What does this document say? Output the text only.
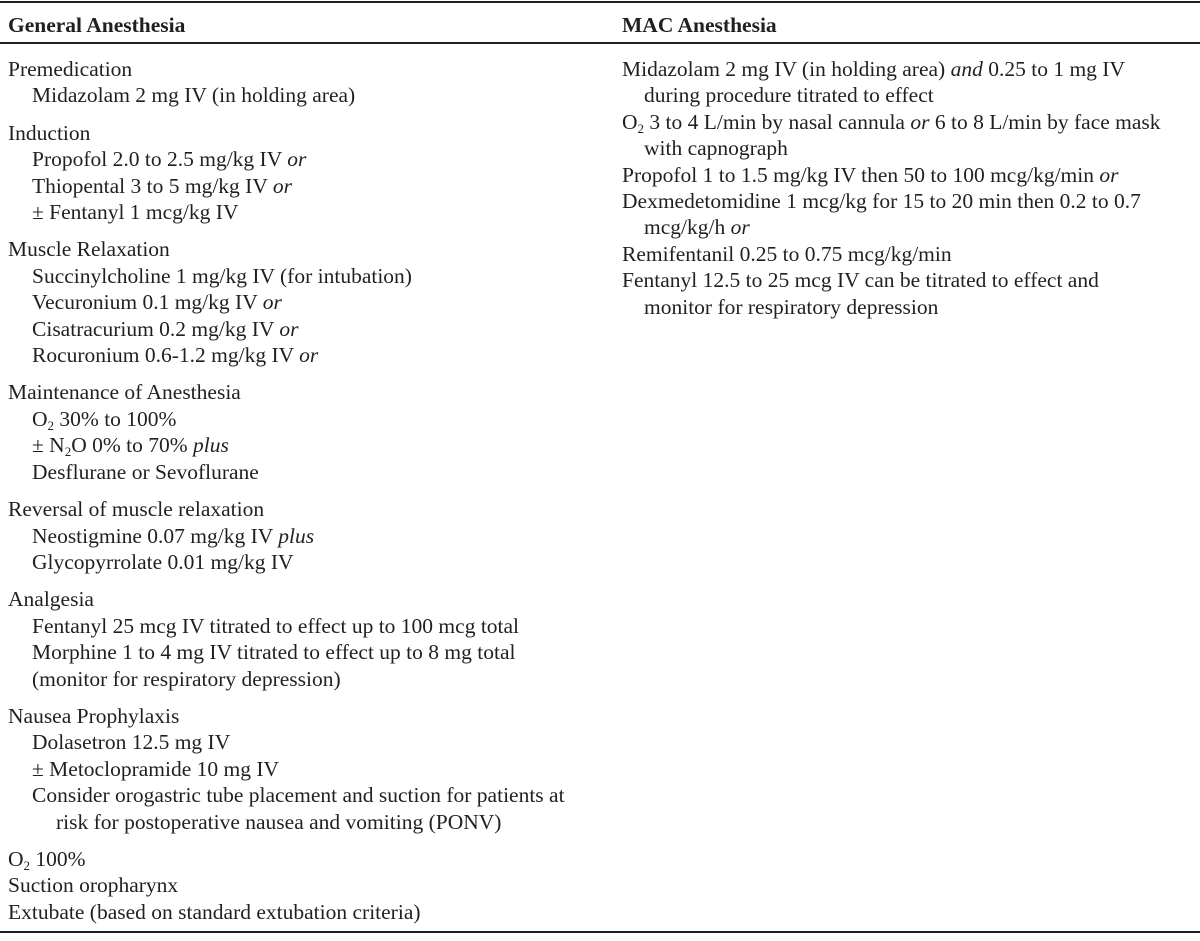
General Anesthesia	MAC Anesthesia
Premedication
Midazolam 2 mg IV (in holding area)
Induction
Propofol 2.0 to 2.5 mg/kg IV or
Thiopental 3 to 5 mg/kg IV or
± Fentanyl 1 mcg/kg IV
Muscle Relaxation
Succinylcholine 1 mg/kg IV (for intubation)
Vecuronium 0.1 mg/kg IV or
Cisatracurium 0.2 mg/kg IV or
Rocuronium 0.6-1.2 mg/kg IV or
Maintenance of Anesthesia
$O_2$ 30% to 100%
± $N_2O$ 0% to 70% plus
Desflurane or Sevoflurane
Reversal of muscle relaxation
Neostigmine 0.07 mg/kg IV plus
Glycopyrrolate 0.01 mg/kg IV
Analgesia
Fentanyl 25 mcg IV titrated to effect up to 100 mcg total
Morphine 1 to 4 mg IV titrated to effect up to 8 mg total
(monitor for respiratory depression)
Nausea Prophylaxis
Dolasetron 12.5 mg IV
± Metoclopramide 10 mg IV
Consider orogastric tube placement and suction for patients at risk for postoperative nausea and vomiting (PONV)
$O_2$ 100%
Suction oropharynx
Extubate (based on standard extubation criteria)
Midazolam 2 mg IV (in holding area) and 0.25 to 1 mg IV during procedure titrated to effect
$O_2$ 3 to 4 L/min by nasal cannula or 6 to 8 L/min by face mask with capnograph
Propofol 1 to 1.5 mg/kg IV then 50 to 100 mcg/kg/min or
Dexmedetomidine 1 mcg/kg for 15 to 20 min then 0.2 to 0.7 mcg/kg/h or
Remifentanil 0.25 to 0.75 mcg/kg/min
Fentanyl 12.5 to 25 mcg IV can be titrated to effect and monitor for respiratory depression
